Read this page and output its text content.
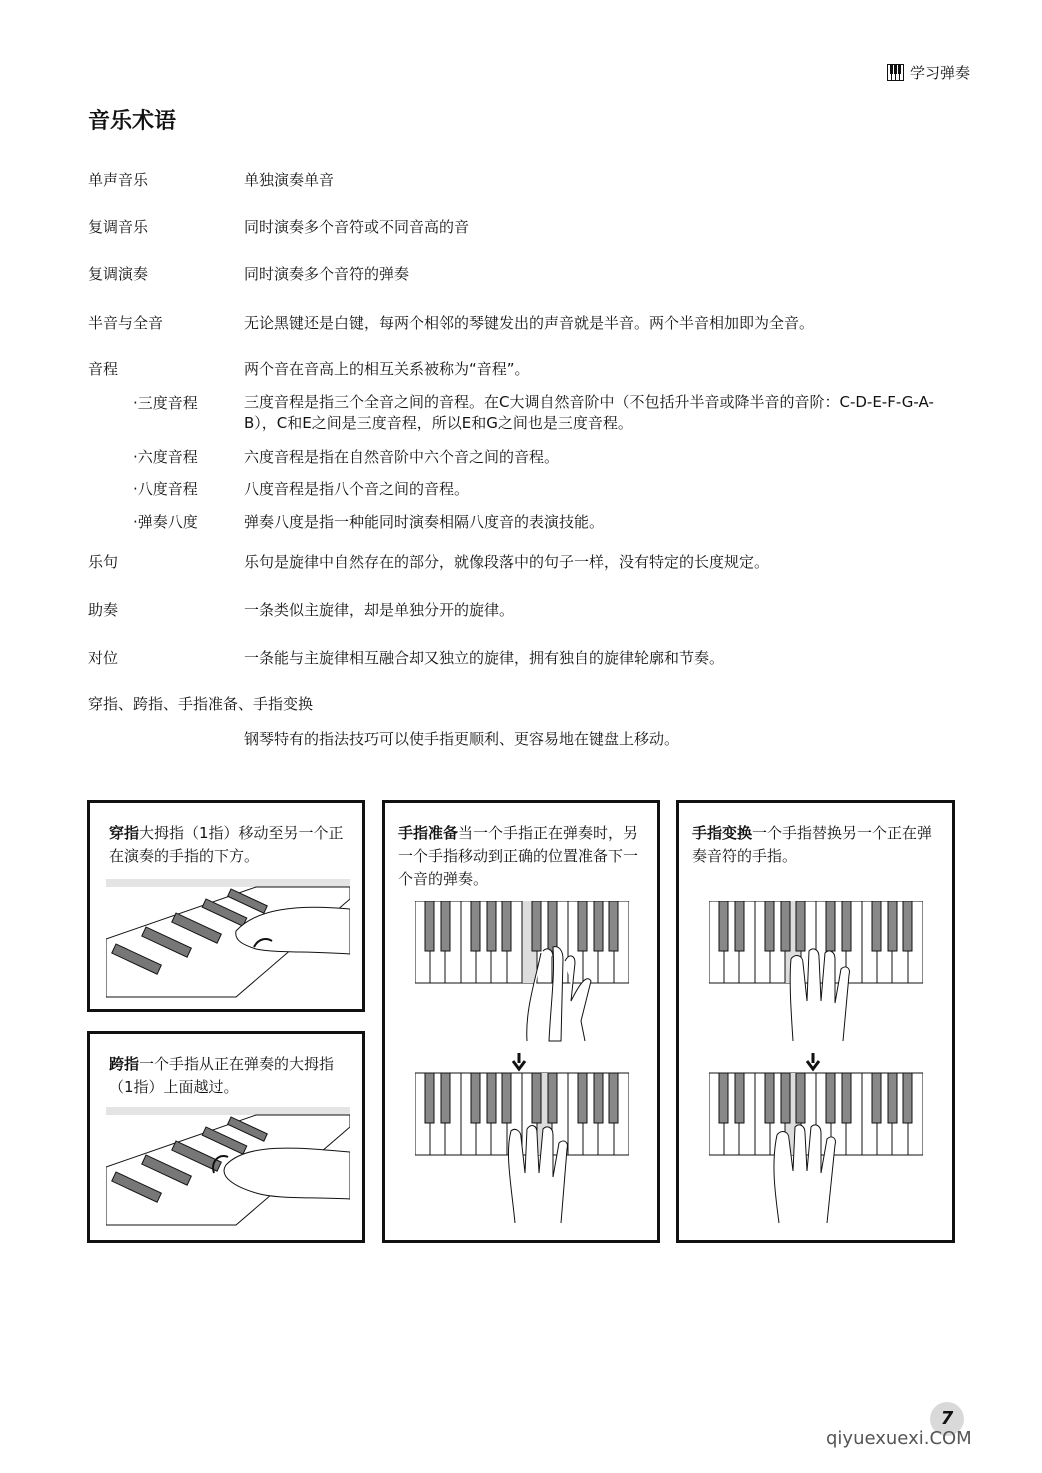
学习弹奏
音乐术语
单声音乐	单独演奏单音
复调音乐	同时演奏多个音符或不同音高的音
复调演奏	同时演奏多个音符的弹奏
半音与全音	无论黑键还是白键，每两个相邻的琴键发出的声音就是半音。两个半音相加即为全音。
音程	两个音在音高上的相互关系被称为“音程”。
·三度音程	三度音程是指三个全音之间的音程。在C大调自然音阶中（不包括升半音或降半音的音阶：C-D-E-F-G-A-B），C和E之间是三度音程，所以E和G之间也是三度音程。
·六度音程	六度音程是指在自然音阶中六个音之间的音程。
·八度音程	八度音程是指八个音之间的音程。
·弹奏八度	弹奏八度是指一种能同时演奏相隔八度音的表演技能。
乐句	乐句是旋律中自然存在的部分，就像段落中的句子一样，没有特定的长度规定。
助奏	一条类似主旋律，却是单独分开的旋律。
对位	一条能与主旋律相互融合却又独立的旋律，拥有独自的旋律轮廓和节奏。
穿指、跨指、手指准备、手指变换
钢琴特有的指法技巧可以使手指更顺利、更容易地在键盘上移动。
穿指大拇指（1指）移动至另一个正在演奏的手指的下方。
跨指一个手指从正在弹奏的大拇指（1指）上面越过。
手指准备当一个手指正在弹奏时，另一个手指移动到正确的位置准备下一个音的弹奏。
手指变换一个手指替换另一个正在弹奏音符的手指。
7
qiyuexuexi.COM
